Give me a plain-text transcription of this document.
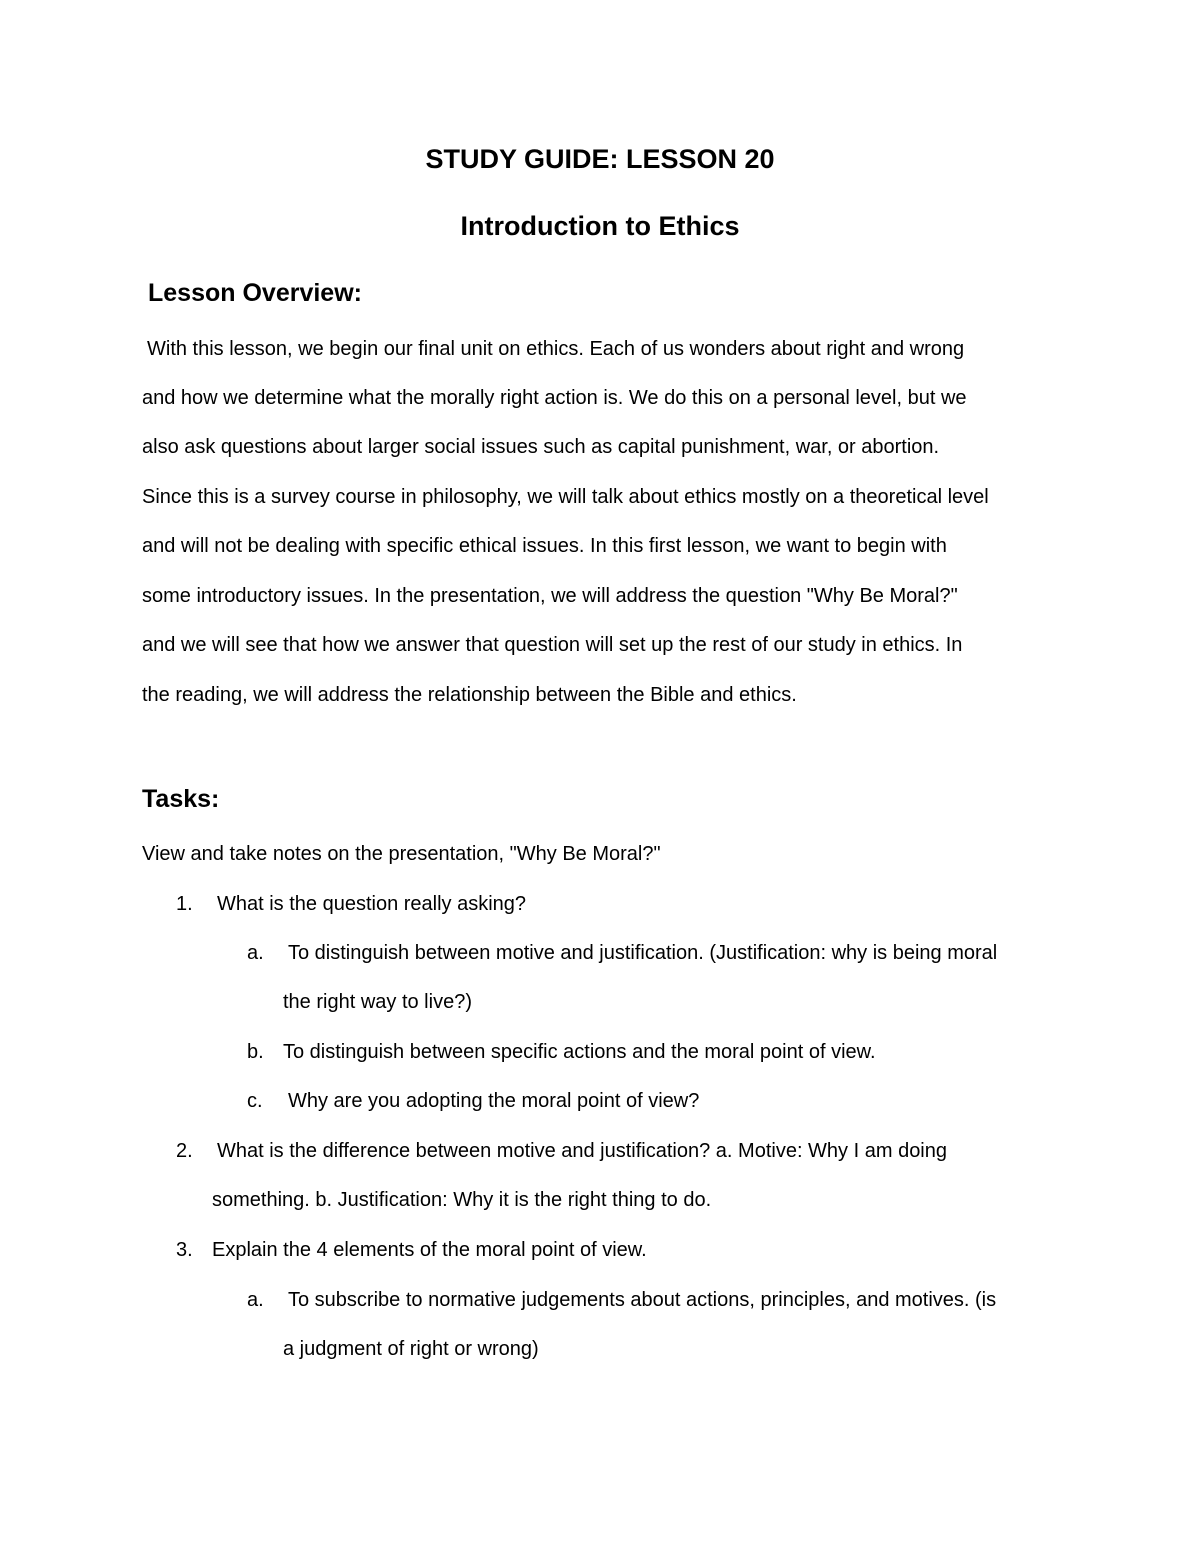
STUDY GUIDE: LESSON 20
Introduction to Ethics
Lesson Overview:
With this lesson, we begin our final unit on ethics. Each of us wonders about right and wrong
and how we determine what the morally right action is. We do this on a personal level, but we
also ask questions about larger social issues such as capital punishment, war, or abortion.
Since this is a survey course in philosophy, we will talk about ethics mostly on a theoretical level
and will not be dealing with specific ethical issues. In this first lesson, we want to begin with
some introductory issues. In the presentation, we will address the question "Why Be Moral?"
and we will see that how we answer that question will set up the rest of our study in ethics. In
the reading, we will address the relationship between the Bible and ethics.
Tasks:
View and take notes on the presentation, "Why Be Moral?"
1. What is the question really asking?
a. To distinguish between motive and justification. (Justification: why is being moral
the right way to live?)
b. To distinguish between specific actions and the moral point of view.
c. Why are you adopting the moral point of view?
2. What is the difference between motive and justification? a. Motive: Why I am doing
something. b. Justification: Why it is the right thing to do.
3. Explain the 4 elements of the moral point of view.
a. To subscribe to normative judgements about actions, principles, and motives. (is
a judgment of right or wrong)
